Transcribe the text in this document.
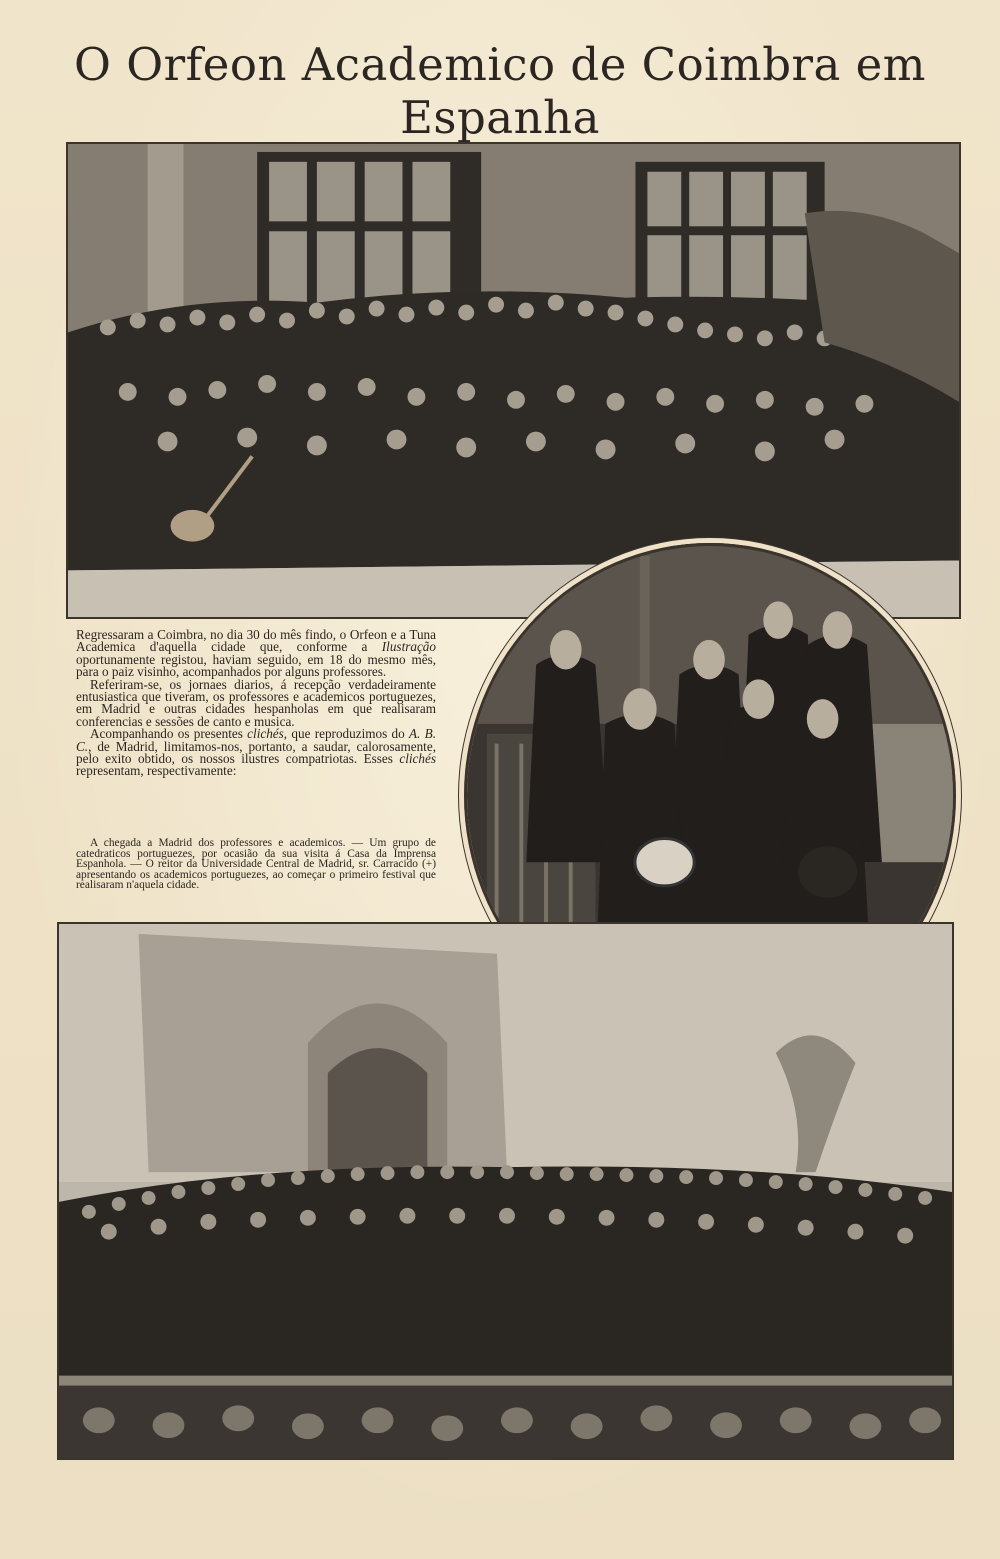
O Orfeon Academico de Coimbra em Espanha

Regressaram a Coimbra, no dia 30 do mês findo, o Orfeon e a Tuna Academica d'aquella cidade que, conforme a Ilustração oportunamente registou, haviam seguido, em 18 do mesmo mês, para o paiz visinho, acompanhados por alguns professores.

Referiram-se, os jornaes diarios, á recepção verdadeiramente entusiastica que tiveram, os professores e academicos portuguezes, em Madrid e outras cidades hespanholas em que realisaram conferencias e sessões de canto e musica.

Acompanhando os presentes clichés, que reproduzimos do A. B. C., de Madrid, limitamos-nos, portanto, a saudar, calorosamente, pelo exito obtido, os nossos ilustres compatriotas. Esses clichés representam, respectivamente:

A chegada a Madrid dos professores e academicos. — Um grupo de catedraticos portuguezes, por ocasião da sua visita á Casa da Imprensa Espanhola. — O reitor da Universidade Central de Madrid, sr. Carracido (+) apresentando os academicos portuguezes, ao começar o primeiro festival que realisaram n'aquela cidade.
